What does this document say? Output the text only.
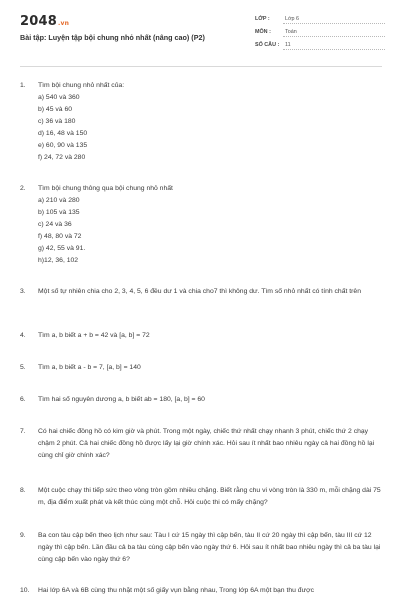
2048.vn
Bài tập: Luyện tập bội chung nhỏ nhất (nâng cao) (P2)
LỚP :	Lớp 6
MÔN :	Toán
SỐ CÂU : 11
1.	Tìm bội chung nhỏ nhất của:
a) 540 và 360
b) 45 và 60
c) 36 và 180
d) 16, 48 và 150
e) 60, 90 và 135
f) 24, 72 và 280
2.	Tìm bội chung thông qua bội chung nhỏ nhất
a) 210 và 280
b) 105 và 135
c) 24 và 36
f) 48, 80 và 72
g) 42, 55 và 91.
h)12, 36, 102
3.	Một số tự nhiên chia cho 2, 3, 4, 5, 6 đều dư 1 và chia cho7 thì không dư. Tìm số nhỏ nhất có tính chất trên
4.	Tìm a, b biết a + b = 42 và [a, b] = 72
5.	Tìm a, b biết a - b = 7, [a, b] = 140
6.	Tìm hai số nguyên dương a, b biết ab = 180, [a, b] = 60
7.	Có hai chiếc đồng hồ có kim giờ và phút. Trong một ngày, chiếc thứ nhất chạy nhanh 3 phút, chiếc thứ 2 chạy chậm 2 phút. Cả hai chiếc đồng hồ được lấy lại giờ chính xác. Hỏi sau ít nhất bao nhiêu ngày cả hai đồng hồ lại cùng chỉ giờ chính xác?
8.	Một cuộc chạy thi tiếp sức theo vòng tròn gồm nhiều chặng. Biết rằng chu vi vòng tròn là 330 m, mỗi chặng dài 75 m, địa điểm xuất phát và kết thúc cùng một chỗ. Hỏi cuộc thi có mấy chặng?
9.	Ba con tàu cập bến theo lịch như sau: Tàu I cứ 15 ngày thì cập bến, tàu II cứ 20 ngày thì cập bến, tàu III cứ 12 ngày thì cập bến. Lần đầu cả ba tàu cùng cập bến vào ngày thứ 6. Hỏi sau ít nhất bao nhiêu ngày thì cả ba tàu lại cùng cập bến vào ngày thứ 6?
10.	Hai lớp 6A và 6B cùng thu nhặt một số giấy vụn bằng nhau, Trong lớp 6A một bạn thu được
